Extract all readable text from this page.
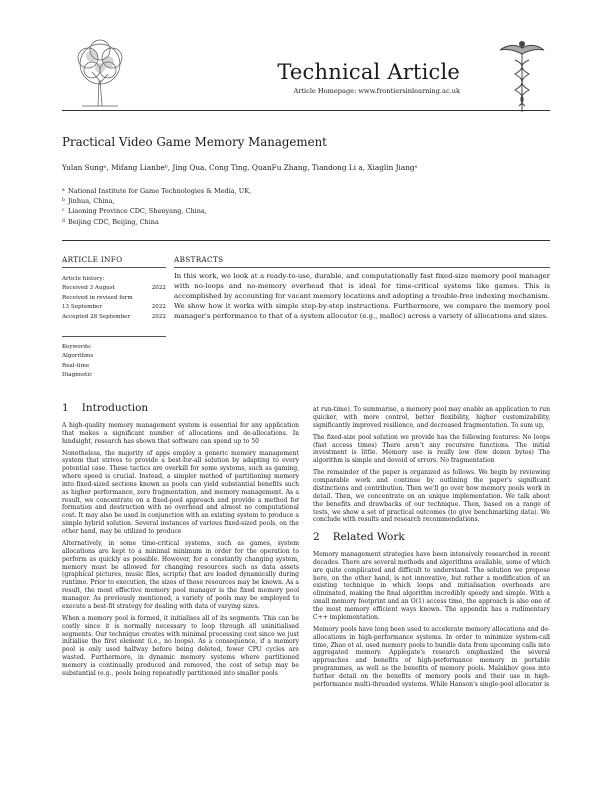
Technical Article
Article Homepage: www.frontiersinlearning.ac.uk
Practical Video Game Memory Management
Yulan Sungᵃ, Mifang Lianbeᵇ, Jing Qua, Cong Ting, QuanFu Zhang, Tiandong Li a, Xiaglin Jiangᵃ
a National Institute for Game Technologies & Media, UK,
b Jinhua, China,
c Liaoning Province CDC, Shenyang, China,
d Beijing CDC, Beijing, China
ARTICLE INFO	ABSTRACTS
Article history:
Received 3 August	2022
Received in revised form
13 September	2022
Accepted 28 September	2022
Keywords:
Algorithms
Real-time
Diagnostic
In this work, we look at a ready-to-use, durable, and computationally fast fixed-size memory pool manager with no-loops and no-memory overhead that is ideal for time-critical systems like games. This is accomplished by accounting for vacant memory locations and adopting a trouble-free indexing mechanism. We show how it works with simple step-by-step instructions. Furthermore, we compare the memory pool manager's performance to that of a system allocator (e.g., malloc) across a variety of allocations and sizes.
1 Introduction

A high-quality memory management system is essential for any application that makes a significant number of allocations and de-allocations. In hindsight, research has shown that software can spend up to 50

Nonetheless, the majority of apps employ a generic memory management system that strives to provide a best-for-all solution by adapting to every potential case. These tactics are overkill for some systems, such as gaming, where speed is crucial. Instead, a simpler method of partitioning memory into fixed-sized sections known as pools can yield substantial benefits such as higher performance, zero fragmentation, and memory management. As a result, we concentrate on a fixed-pool approach and provide a method for formation and destruction with no overhead and almost no computational cost. It may also be used in conjunction with an existing system to produce a simple hybrid solution. Several instances of various fixed-sized pools, on the other hand, may be utilized to produce

Alternatively, in some time-critical systems, such as games, system allocations are kept to a minimal minimum in order for the operation to perform as quickly as possible. However, for a constantly changing system, memory must be allowed for changing resources such as data assets (graphical pictures, music files, scripts) that are loaded dynamically during runtime. Prior to execution, the sizes of these resources may be known. As a result, the most effective memory pool manager is the fixed memory pool manager. As previously mentioned, a variety of pools may be employed to execute a best-fit strategy for dealing with data of varying sizes.

When a memory pool is formed, it initialises all of its segments. This can be costly since it is normally necessary to loop through all uninitialised segments. Our technique creates with minimal processing cost since we just initialise the first element (i.e., no loops). As a consequence, if a memory pool is only used halfway before being deleted, fewer CPU cycles are wasted. Furthermore, in dynamic memory systems where partitioned memory is continually produced and removed, the cost of setup may be substantial (e.g., pools being repeatedly partitioned into smaller pools

at run-time). To summarise, a memory pool may enable an application to run quicker, with more control, better flexibility, higher customizability, significantly improved resilience, and decreased fragmentation. To sum up,

The fixed-size pool solution we provide has the following features: No loops (fast access times) There aren't any recursive functions. The initial investment is little. Memory use is really low (few dozen bytes) The algorithm is simple and devoid of errors. No fragmentation

The remainder of the paper is organized as follows. We begin by reviewing comparable work and continue by outlining the paper's significant distinctions and contribution. Then we'll go over how memory pools work in detail. Then, we concentrate on an unique implementation. We talk about the benefits and drawbacks of our technique. Then, based on a range of tests, we show a set of practical outcomes (to give benchmarking data). We conclude with results and research recommendations.

2 Related Work

Memory management strategies have been intensively researched in recent decades. There are several methods and algorithms available, some of which are quite complicated and difficult to understand. The solution we propose here, on the other hand, is not innovative, but rather a modification of an existing technique in which loops and initialisation overheads are eliminated, making the final algorithm incredibly speedy and simple. With a small memory footprint and an O(1) access time, the approach is also one of the most memory efficient ways known. The appendix has a rudimentary C++ implementation.

Memory pools have long been used to accelerate memory allocations and de-allocations in high-performance systems. In order to minimize system-call time, Zhao et al. used memory pools to bundle data from upcoming calls into aggregated memory. Applegate's research emphasized the several approaches and benefits of high-performance memory in portable programmes, as well as the benefits of memory pools. Malakhov goes into further detail on the benefits of memory pools and their use in high-performance multi-threaded systems. While Hanson's single-pool allocator is
